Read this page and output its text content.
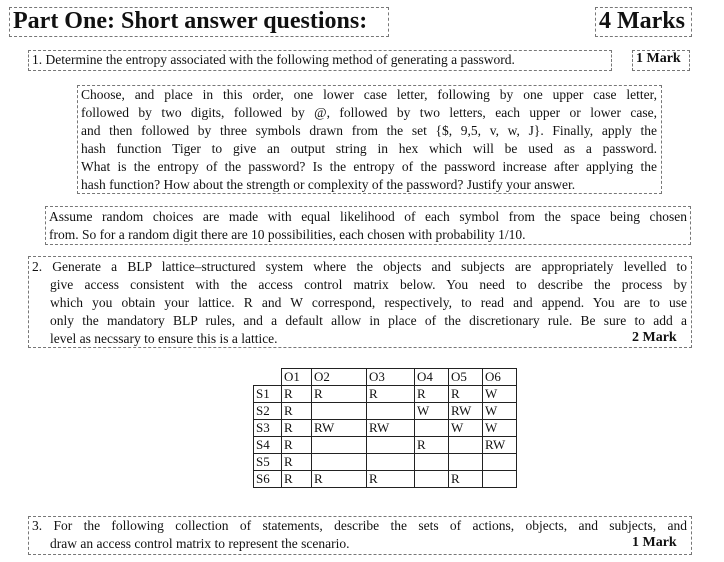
Part One: Short answer questions:	4 Marks
1. Determine the entropy associated with the following method of generating a password.	1 Mark
Choose, and place in this order, one lower case letter, following by one upper case letter,
followed by two digits, followed by @, followed by two letters, each upper or lower case,
and then followed by three symbols drawn from the set {$, 9,5, v, w, J}. Finally, apply the
hash function Tiger to give an output string in hex which will be used as a password.
What is the entropy of the password? Is the entropy of the password increase after applying the
hash function? How about the strength or complexity of the password? Justify your answer.
Assume random choices are made with equal likelihood of each symbol from the space being chosen
from. So for a random digit there are 10 possibilities, each chosen with probability 1/10.
2. Generate a BLP lattice–structured system where the objects and subjects are appropriately levelled to
give access consistent with the access control matrix below. You need to describe the process by
which you obtain your lattice. R and W correspond, respectively, to read and append. You are to use
only the mandatory BLP rules, and a default allow in place of the discretionary rule. Be sure to add a
level as necssary to ensure this is a lattice.	2 Mark
	O1	O2	O3	O4	O5	O6
S1	R	R	R	R	R	W
S2	R			W	RW	W
S3	R	RW	RW		W	W
S4	R			R		RW
S5	R					
S6	R	R	R		R	
3. For the following collection of statements, describe the sets of actions, objects, and subjects, and
draw an access control matrix to represent the scenario.	1 Mark
